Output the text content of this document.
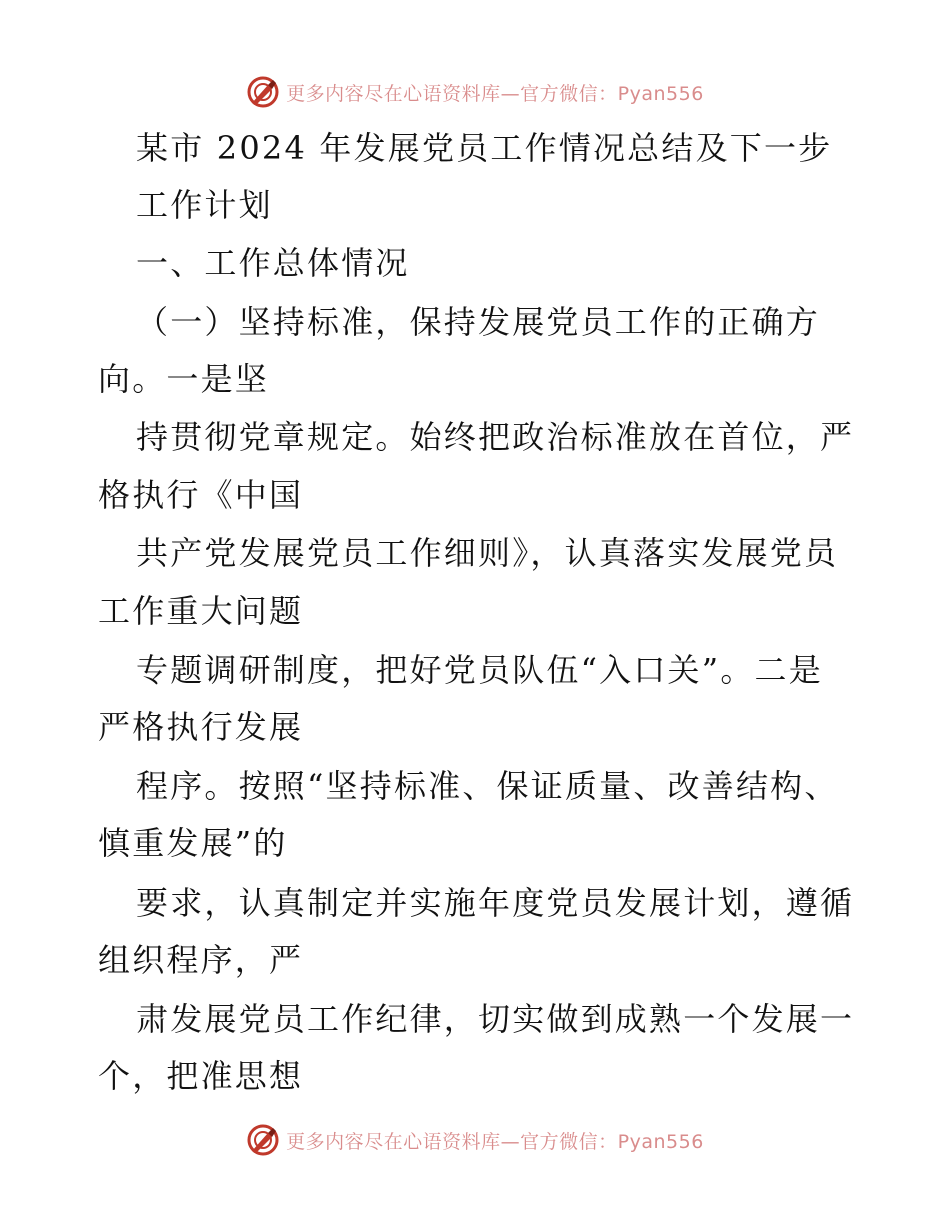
更多内容尽在心语资料库—官方微信：Pyan556
某市 2024 年发展党员工作情况总结及下一步
工作计划
一、工作总体情况
（一）坚持标准，保持发展党员工作的正确方
向。一是坚
持贯彻党章规定。始终把政治标准放在首位，严
格执行《中国
共产党发展党员工作细则》，认真落实发展党员
工作重大问题
专题调研制度，把好党员队伍“入口关”。二是
严格执行发展
程序。按照“坚持标准、保证质量、改善结构、
慎重发展”的
要求，认真制定并实施年度党员发展计划，遵循
组织程序，严
肃发展党员工作纪律，切实做到成熟一个发展一
个，把准思想
更多内容尽在心语资料库—官方微信：Pyan556
